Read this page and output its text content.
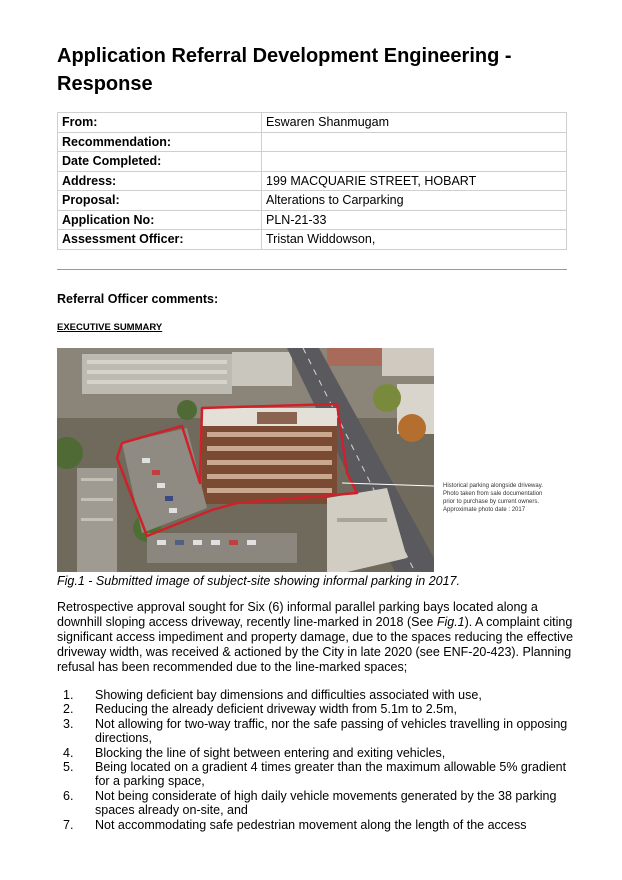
Application Referral Development Engineering -
Response
From:	Eswaren Shanmugam
Recommendation:	
Date Completed:	
Address:	199 MACQUARIE STREET, HOBART
Proposal:	Alterations to Carparking
Application No:	PLN-21-33
Assessment Officer:	Tristan Widdowson,
Referral Officer comments:
EXECUTIVE SUMMARY
Historical parking alongside driveway.
Photo taken from sale documentation
prior to purchase by current owners.
Approximate photo date : 2017
Fig.1 - Submitted image of subject-site showing informal parking in 2017.
Retrospective approval sought for Six (6) informal parallel parking bays located along a
downhill sloping access driveway, recently line-marked in 2018 (See Fig.1). A complaint citing
significant access impediment and property damage, due to the spaces reducing the effective
driveway width, was received & actioned by the City in late 2020 (see ENF-20-423). Planning
refusal has been recommended due to the line-marked spaces;
1. Showing deficient bay dimensions and difficulties associated with use,
2. Reducing the already deficient driveway width from 5.1m to 2.5m,
3. Not allowing for two-way traffic, nor the safe passing of vehicles travelling in opposing
directions,
4. Blocking the line of sight between entering and exiting vehicles,
5. Being located on a gradient 4 times greater than the maximum allowable 5% gradient
for a parking space,
6. Not being considerate of high daily vehicle movements generated by the 38 parking
spaces already on-site, and
7. Not accommodating safe pedestrian movement along the length of the access
